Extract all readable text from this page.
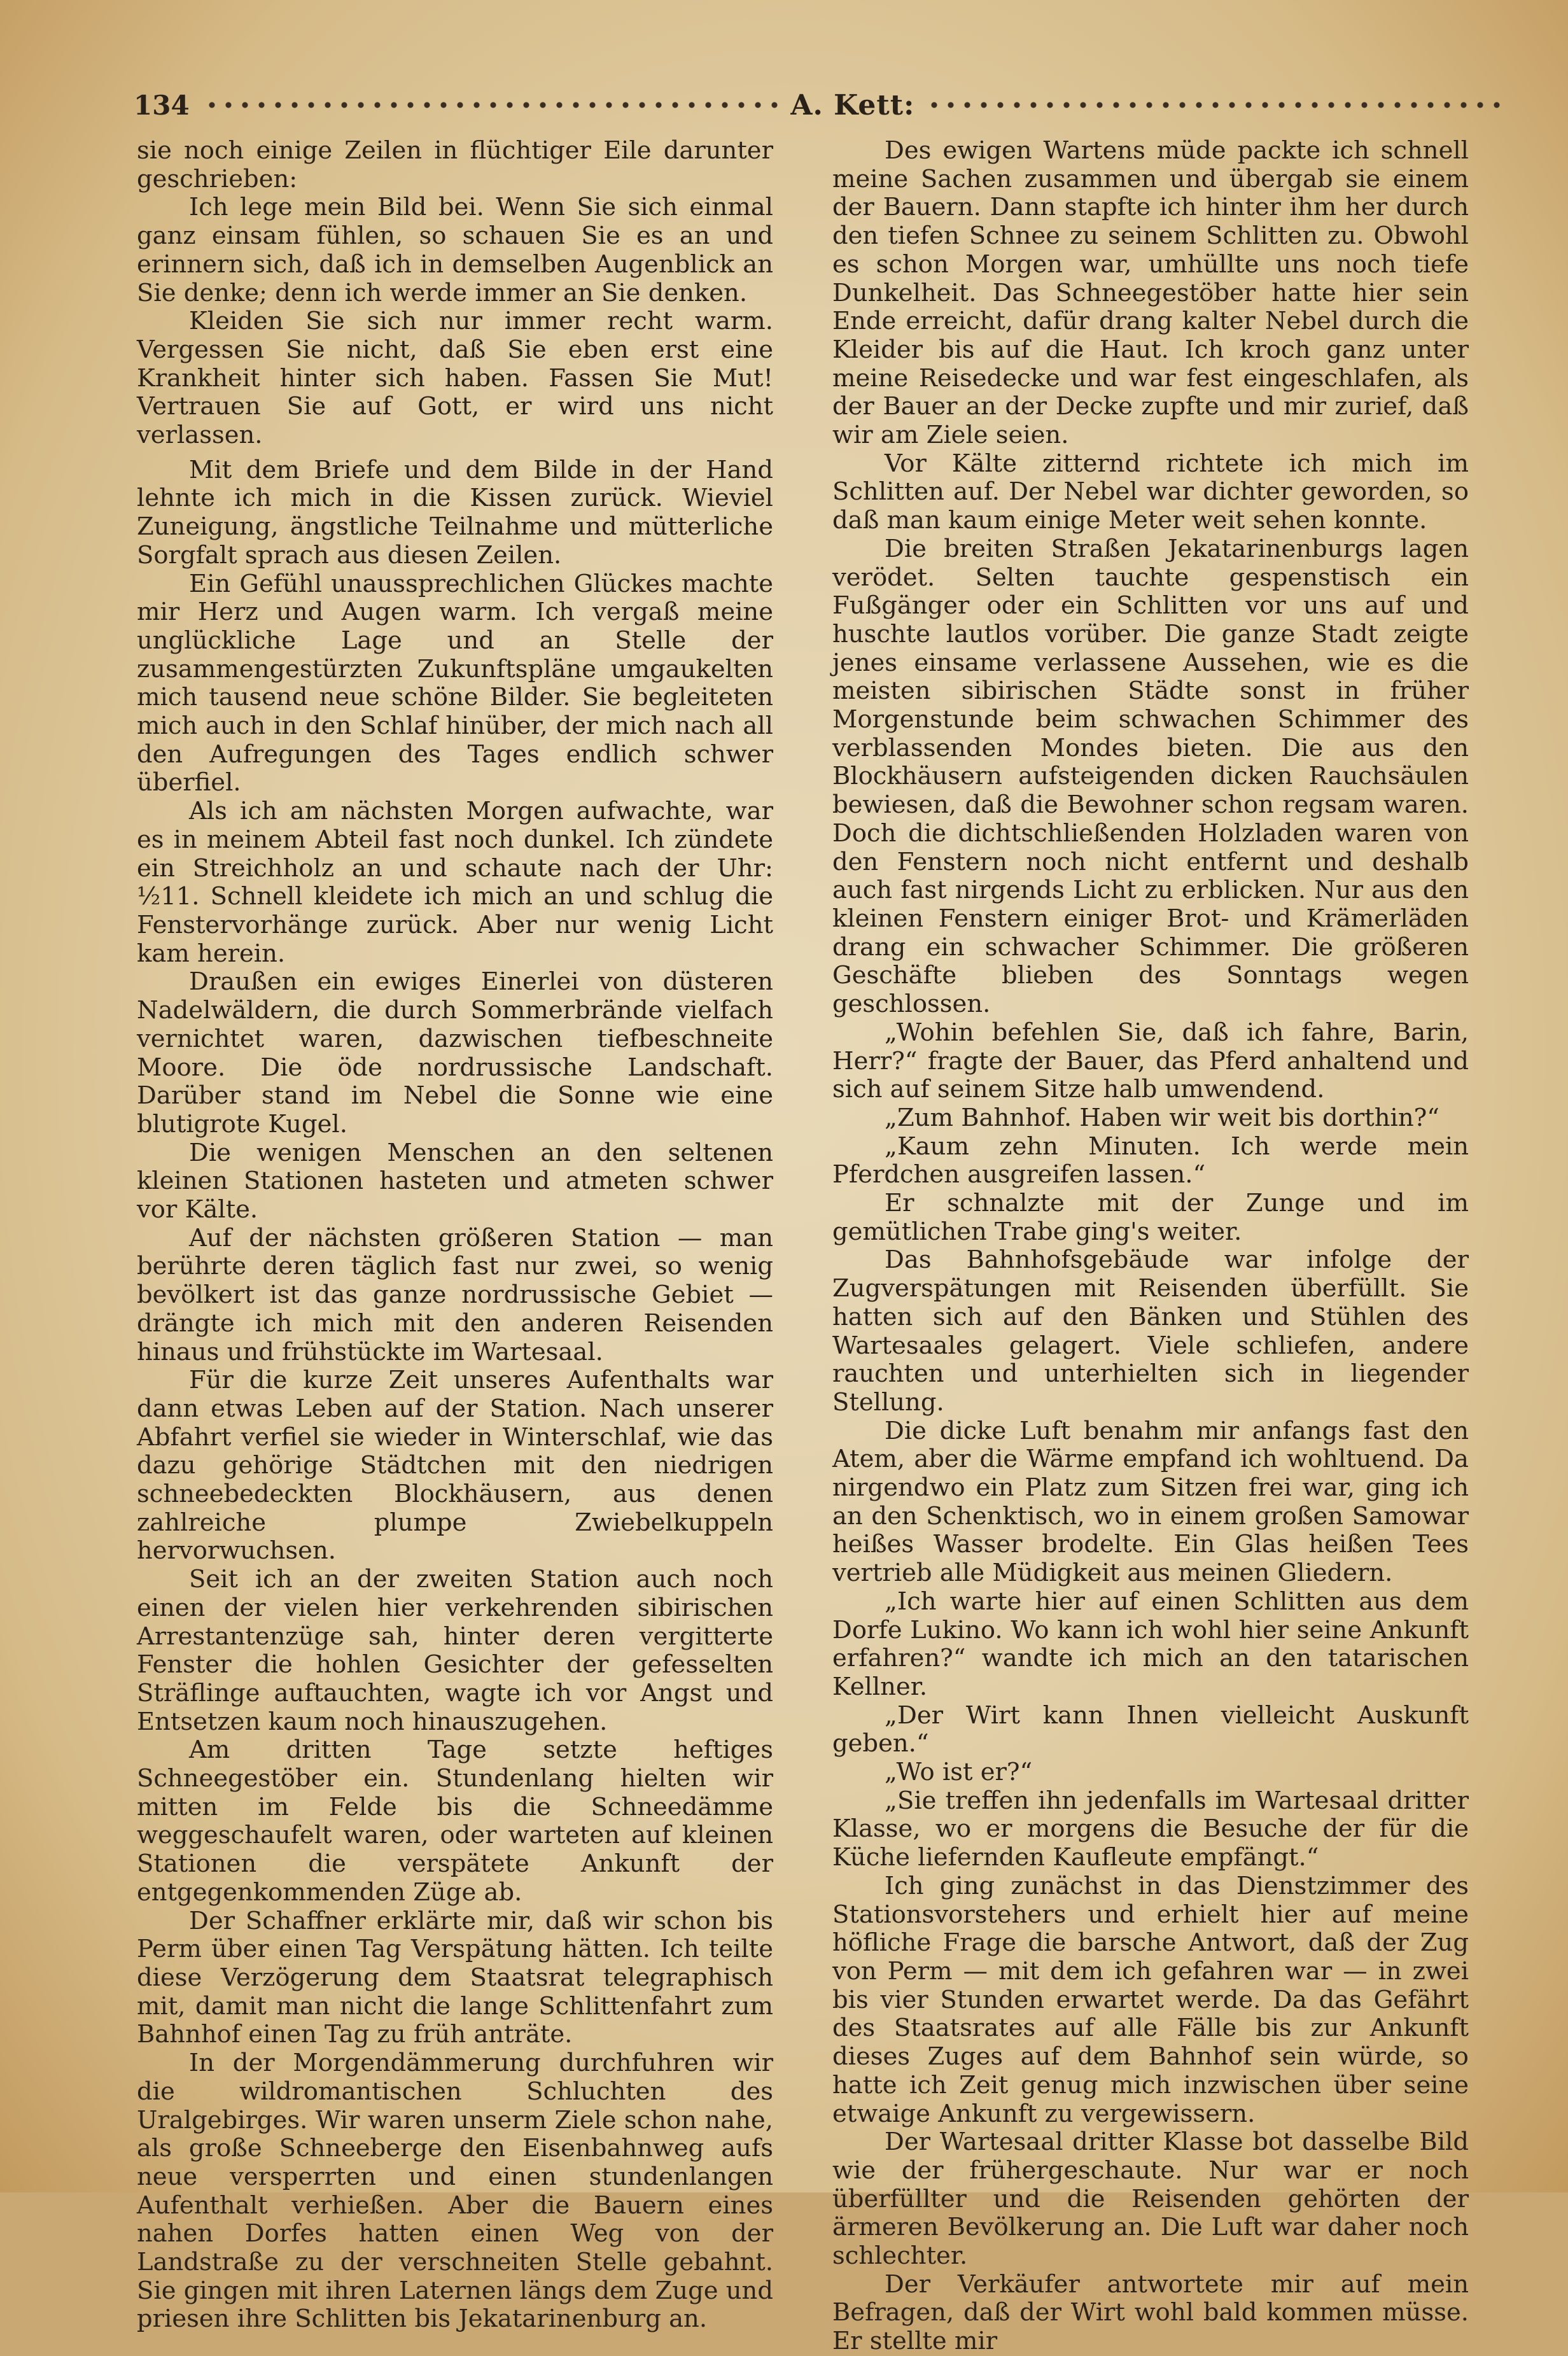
134	A. Kett:

sie noch einige Zeilen in flüchtiger Eile darunter geschrieben:

Ich lege mein Bild bei. Wenn Sie sich einmal ganz einsam fühlen, so schauen Sie es an und erinnern sich, daß ich in demselben Augenblick an Sie denke; denn ich werde immer an Sie denken.

Kleiden Sie sich nur immer recht warm. Vergessen Sie nicht, daß Sie eben erst eine Krankheit hinter sich haben. Fassen Sie Mut! Vertrauen Sie auf Gott, er wird uns nicht verlassen.

Mit dem Briefe und dem Bilde in der Hand lehnte ich mich in die Kissen zurück. Wieviel Zuneigung, ängstliche Teilnahme und mütterliche Sorgfalt sprach aus diesen Zeilen.

Ein Gefühl unaussprechlichen Glückes machte mir Herz und Augen warm. Ich vergaß meine unglückliche Lage und an Stelle der zusammengestürzten Zukunftspläne umgaukelten mich tausend neue schöne Bilder. Sie begleiteten mich auch in den Schlaf hinüber, der mich nach all den Aufregungen des Tages endlich schwer überfiel.

Als ich am nächsten Morgen aufwachte, war es in meinem Abteil fast noch dunkel. Ich zündete ein Streichholz an und schaute nach der Uhr: ½11. Schnell kleidete ich mich an und schlug die Fenstervorhänge zurück. Aber nur wenig Licht kam herein.

Draußen ein ewiges Einerlei von düsteren Nadelwäldern, die durch Sommerbrände vielfach vernichtet waren, dazwischen tiefbeschneite Moore. Die öde nordrussische Landschaft. Darüber stand im Nebel die Sonne wie eine blutigrote Kugel.

Die wenigen Menschen an den seltenen kleinen Stationen hasteten und atmeten schwer vor Kälte.

Auf der nächsten größeren Station — man berührte deren täglich fast nur zwei, so wenig bevölkert ist das ganze nordrussische Gebiet — drängte ich mich mit den anderen Reisenden hinaus und frühstückte im Wartesaal.

Für die kurze Zeit unseres Aufenthalts war dann etwas Leben auf der Station. Nach unserer Abfahrt verfiel sie wieder in Winterschlaf, wie das dazu gehörige Städtchen mit den niedrigen schneebedeckten Blockhäusern, aus denen zahlreiche plumpe Zwiebelkuppeln hervorwuchsen.

Seit ich an der zweiten Station auch noch einen der vielen hier verkehrenden sibirischen Arrestantenzüge sah, hinter deren vergitterte Fenster die hohlen Gesichter der gefesselten Sträflinge auftauchten, wagte ich vor Angst und Entsetzen kaum noch hinauszugehen.

Am dritten Tage setzte heftiges Schneegestöber ein. Stundenlang hielten wir mitten im Felde bis die Schneedämme weggeschaufelt waren, oder warteten auf kleinen Stationen die verspätete Ankunft der entgegenkommenden Züge ab.

Der Schaffner erklärte mir, daß wir schon bis Perm über einen Tag Verspätung hätten. Ich teilte diese Verzögerung dem Staatsrat telegraphisch mit, damit man nicht die lange Schlittenfahrt zum Bahnhof einen Tag zu früh anträte.

In der Morgendämmerung durchfuhren wir die wildromantischen Schluchten des Uralgebirges. Wir waren unserm Ziele schon nahe, als große Schneeberge den Eisenbahnweg aufs neue versperrten und einen stundenlangen Aufenthalt verhießen. Aber die Bauern eines nahen Dorfes hatten einen Weg von der Landstraße zu der verschneiten Stelle gebahnt. Sie gingen mit ihren Laternen längs dem Zuge und priesen ihre Schlitten bis Jekatarinenburg an.

Des ewigen Wartens müde packte ich schnell meine Sachen zusammen und übergab sie einem der Bauern. Dann stapfte ich hinter ihm her durch den tiefen Schnee zu seinem Schlitten zu. Obwohl es schon Morgen war, umhüllte uns noch tiefe Dunkelheit. Das Schneegestöber hatte hier sein Ende erreicht, dafür drang kalter Nebel durch die Kleider bis auf die Haut. Ich kroch ganz unter meine Reisedecke und war fest eingeschlafen, als der Bauer an der Decke zupfte und mir zurief, daß wir am Ziele seien.

Vor Kälte zitternd richtete ich mich im Schlitten auf. Der Nebel war dichter geworden, so daß man kaum einige Meter weit sehen konnte.

Die breiten Straßen Jekatarinenburgs lagen verödet. Selten tauchte gespenstisch ein Fußgänger oder ein Schlitten vor uns auf und huschte lautlos vorüber. Die ganze Stadt zeigte jenes einsame verlassene Aussehen, wie es die meisten sibirischen Städte sonst in früher Morgenstunde beim schwachen Schimmer des verblassenden Mondes bieten. Die aus den Blockhäusern aufsteigenden dicken Rauchsäulen bewiesen, daß die Bewohner schon regsam waren. Doch die dichtschließenden Holzladen waren von den Fenstern noch nicht entfernt und deshalb auch fast nirgends Licht zu erblicken. Nur aus den kleinen Fenstern einiger Brot- und Krämerläden drang ein schwacher Schimmer. Die größeren Geschäfte blieben des Sonntags wegen geschlossen.

„Wohin befehlen Sie, daß ich fahre, Barin, Herr?“ fragte der Bauer, das Pferd anhaltend und sich auf seinem Sitze halb umwendend.

„Zum Bahnhof. Haben wir weit bis dorthin?“

„Kaum zehn Minuten. Ich werde mein Pferdchen ausgreifen lassen.“

Er schnalzte mit der Zunge und im gemütlichen Trabe ging's weiter.

Das Bahnhofsgebäude war infolge der Zugverspätungen mit Reisenden überfüllt. Sie hatten sich auf den Bänken und Stühlen des Wartesaales gelagert. Viele schliefen, andere rauchten und unterhielten sich in liegender Stellung.

Die dicke Luft benahm mir anfangs fast den Atem, aber die Wärme empfand ich wohltuend. Da nirgendwo ein Platz zum Sitzen frei war, ging ich an den Schenktisch, wo in einem großen Samowar heißes Wasser brodelte. Ein Glas heißen Tees vertrieb alle Müdigkeit aus meinen Gliedern.

„Ich warte hier auf einen Schlitten aus dem Dorfe Lukino. Wo kann ich wohl hier seine Ankunft erfahren?“ wandte ich mich an den tatarischen Kellner.

„Der Wirt kann Ihnen vielleicht Auskunft geben.“

„Wo ist er?“

„Sie treffen ihn jedenfalls im Wartesaal dritter Klasse, wo er morgens die Besuche der für die Küche liefernden Kaufleute empfängt.“

Ich ging zunächst in das Dienstzimmer des Stationsvorstehers und erhielt hier auf meine höfliche Frage die barsche Antwort, daß der Zug von Perm — mit dem ich gefahren war — in zwei bis vier Stunden erwartet werde. Da das Gefährt des Staatsrates auf alle Fälle bis zur Ankunft dieses Zuges auf dem Bahnhof sein würde, so hatte ich Zeit genug mich inzwischen über seine etwaige Ankunft zu vergewissern.

Der Wartesaal dritter Klasse bot dasselbe Bild wie der frühergeschaute. Nur war er noch überfüllter und die Reisenden gehörten der ärmeren Bevölkerung an. Die Luft war daher noch schlechter.

Der Verkäufer antwortete mir auf mein Befragen, daß der Wirt wohl bald kommen müsse. Er stellte mir
